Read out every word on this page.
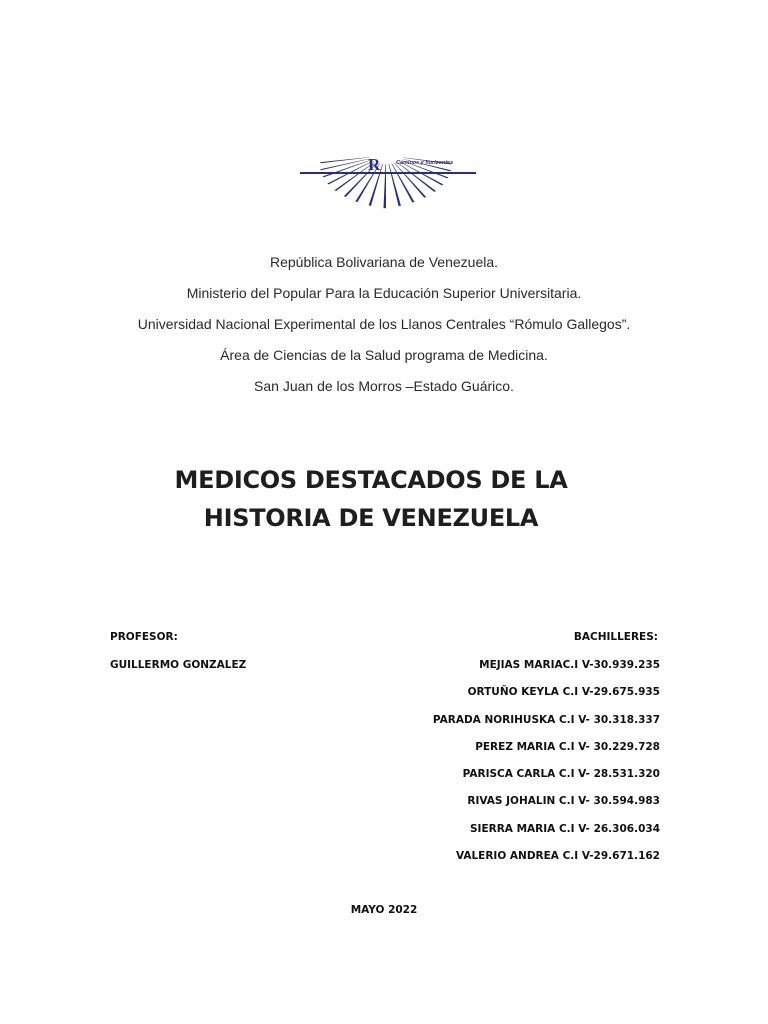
R	Caminos y horizontes
República Bolivariana de Venezuela.
Ministerio del Popular Para la Educación Superior Universitaria.
Universidad Nacional Experimental de los Llanos Centrales “Rómulo Gallegos”.
Área de Ciencias de la Salud programa de Medicina.
San Juan de los Morros –Estado Guárico.
MEDICOS DESTACADOS DE LA
HISTORIA DE VENEZUELA
PROFESOR:
GUILLERMO GONZALEZ
BACHILLERES:
MEJIAS MARIAC.I V-30.939.235
ORTUÑO KEYLA C.I V-29.675.935
PARADA NORIHUSKA C.I V- 30.318.337
PEREZ MARIA C.I V- 30.229.728
PARISCA CARLA C.I V- 28.531.320
RIVAS JOHALIN C.I V- 30.594.983
SIERRA MARIA C.I V- 26.306.034
VALERIO ANDREA C.I V-29.671.162
MAYO 2022
